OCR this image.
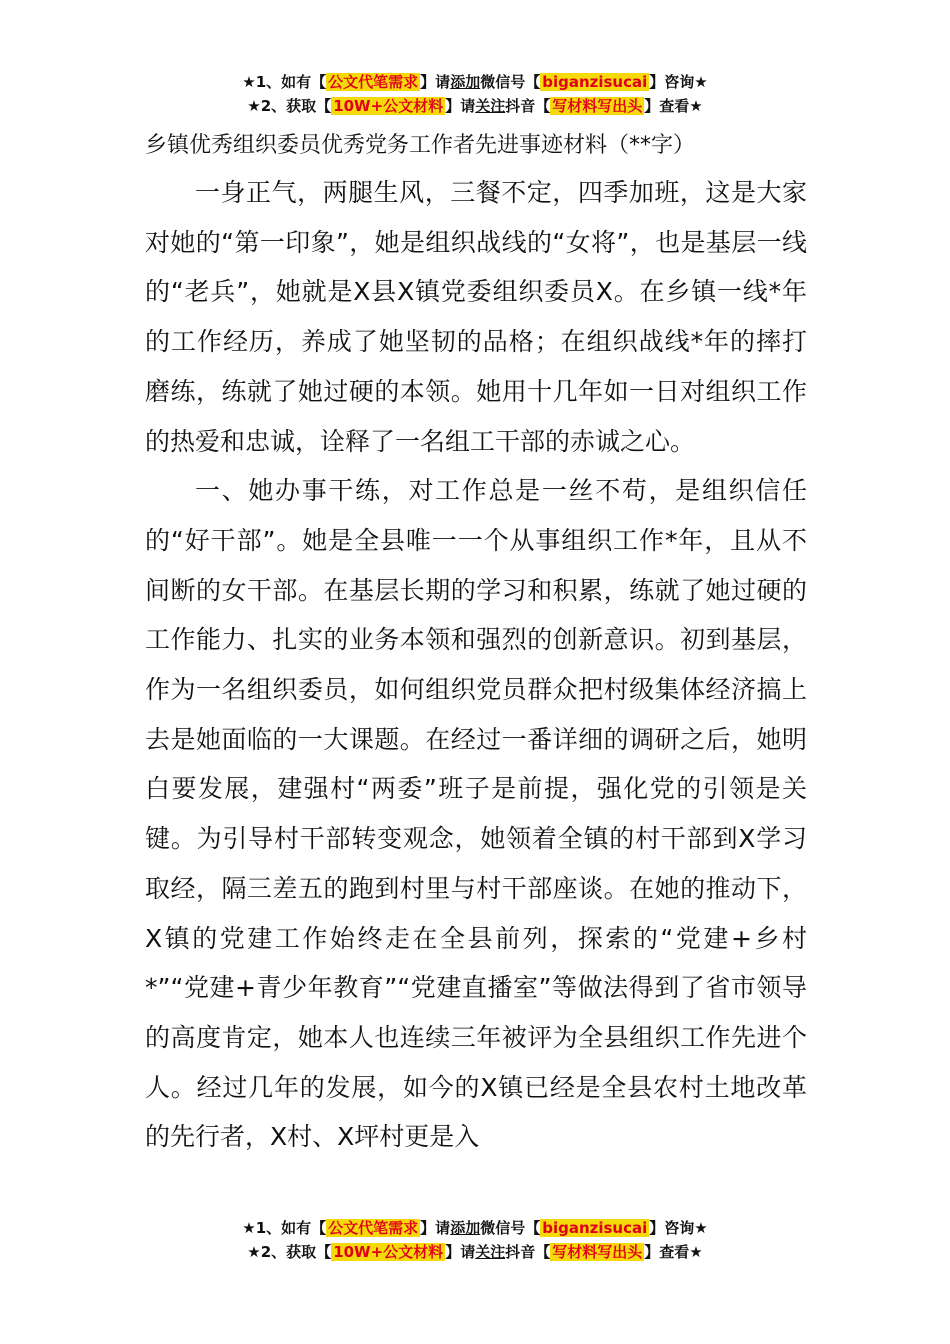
★1、如有【 公文代笔需求 】请添加微信号【 biganzisucai 】咨询★
★2、获取【 10W+公文材料 】请关注抖音【 写材料写出头 】查看★
乡镇优秀组织委员优秀党务工作者先进事迹材料（**字）

一身正气，两腿生风，三餐不定，四季加班，这是大家对她的“第一印象”，她是组织战线的“女将”，也是基层一线的“老兵”，她就是X县X镇党委组织委员X。在乡镇一线*年的工作经历，养成了她坚韧的品格；在组织战线*年的摔打磨练，练就了她过硬的本领。她用十几年如一日对组织工作的热爱和忠诚，诠释了一名组工干部的赤诚之心。

一、她办事干练，对工作总是一丝不苟，是组织信任的“好干部”。她是全县唯一一个从事组织工作*年，且从不间断的女干部。在基层长期的学习和积累，练就了她过硬的工作能力、扎实的业务本领和强烈的创新意识。初到基层，作为一名组织委员，如何组织党员群众把村级集体经济搞上去是她面临的一大课题。在经过一番详细的调研之后，她明白要发展，建强村“两委”班子是前提，强化党的引领是关键。为引导村干部转变观念，她领着全镇的村干部到X学习取经，隔三差五的跑到村里与村干部座谈。在她的推动下，X镇的党建工作始终走在全县前列，探索的“党建+乡村*”“党建+青少年教育”“党建直播室”等做法得到了省市领导的高度肯定，她本人也连续三年被评为全县组织工作先进个人。经过几年的发展，如今的X镇已经是全县农村土地改革的先行者，X村、X坪村更是入

★1、如有【 公文代笔需求 】请添加微信号【 biganzisucai 】咨询★
★2、获取【 10W+公文材料 】请关注抖音【 写材料写出头 】查看★
